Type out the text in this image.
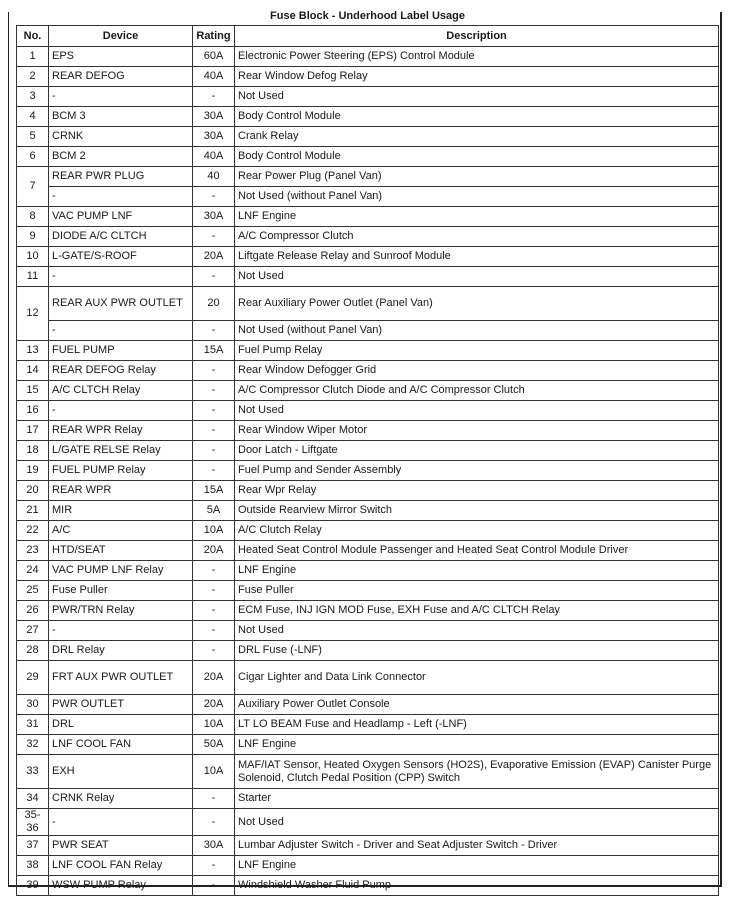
Fuse Block - Underhood Label Usage			
No.	Device	Rating	Description
1	EPS	60A	Electronic Power Steering (EPS) Control Module
2	REAR DEFOG	40A	Rear Window Defog Relay
3	-	-	Not Used
4	BCM 3	30A	Body Control Module
5	CRNK	30A	Crank Relay
6	BCM 2	40A	Body Control Module
7	REAR PWR PLUG	40	Rear Power Plug (Panel Van)
	-	-	Not Used (without Panel Van)
8	VAC PUMP LNF	30A	LNF Engine
9	DIODE A/C CLTCH	-	A/C Compressor Clutch
10	L-GATE/S-ROOF	20A	Liftgate Release Relay and Sunroof Module
11	-	-	Not Used
12	REAR AUX PWR OUTLET	20	Rear Auxiliary Power Outlet (Panel Van)
	-	-	Not Used (without Panel Van)
13	FUEL PUMP	15A	Fuel Pump Relay
14	REAR DEFOG Relay	-	Rear Window Defogger Grid
15	A/C CLTCH Relay	-	A/C Compressor Clutch Diode and A/C Compressor Clutch
16	-	-	Not Used
17	REAR WPR Relay	-	Rear Window Wiper Motor
18	L/GATE RELSE Relay	-	Door Latch - Liftgate
19	FUEL PUMP Relay	-	Fuel Pump and Sender Assembly
20	REAR WPR	15A	Rear Wpr Relay
21	MIR	5A	Outside Rearview Mirror Switch
22	A/C	10A	A/C Clutch Relay
23	HTD/SEAT	20A	Heated Seat Control Module Passenger and Heated Seat Control Module Driver
24	VAC PUMP LNF Relay	-	LNF Engine
25	Fuse Puller	-	Fuse Puller
26	PWR/TRN Relay	-	ECM Fuse, INJ IGN MOD Fuse, EXH Fuse and A/C CLTCH Relay
27	-	-	Not Used
28	DRL Relay	-	DRL Fuse (-LNF)
29	FRT AUX PWR OUTLET	20A	Cigar Lighter and Data Link Connector
30	PWR OUTLET	20A	Auxiliary Power Outlet Console
31	DRL	10A	LT LO BEAM Fuse and Headlamp - Left (-LNF)
32	LNF COOL FAN	50A	LNF Engine
33	EXH	10A	MAF/IAT Sensor, Heated Oxygen Sensors (HO2S), Evaporative Emission (EVAP) Canister Purge Solenoid, Clutch Pedal Position (CPP) Switch
34	CRNK Relay	-	Starter
35-36	-	-	Not Used
37	PWR SEAT	30A	Lumbar Adjuster Switch - Driver and Seat Adjuster Switch - Driver
38	LNF COOL FAN Relay	-	LNF Engine
39	WSW PUMP Relay	-	Windshield Washer Fluid Pump
